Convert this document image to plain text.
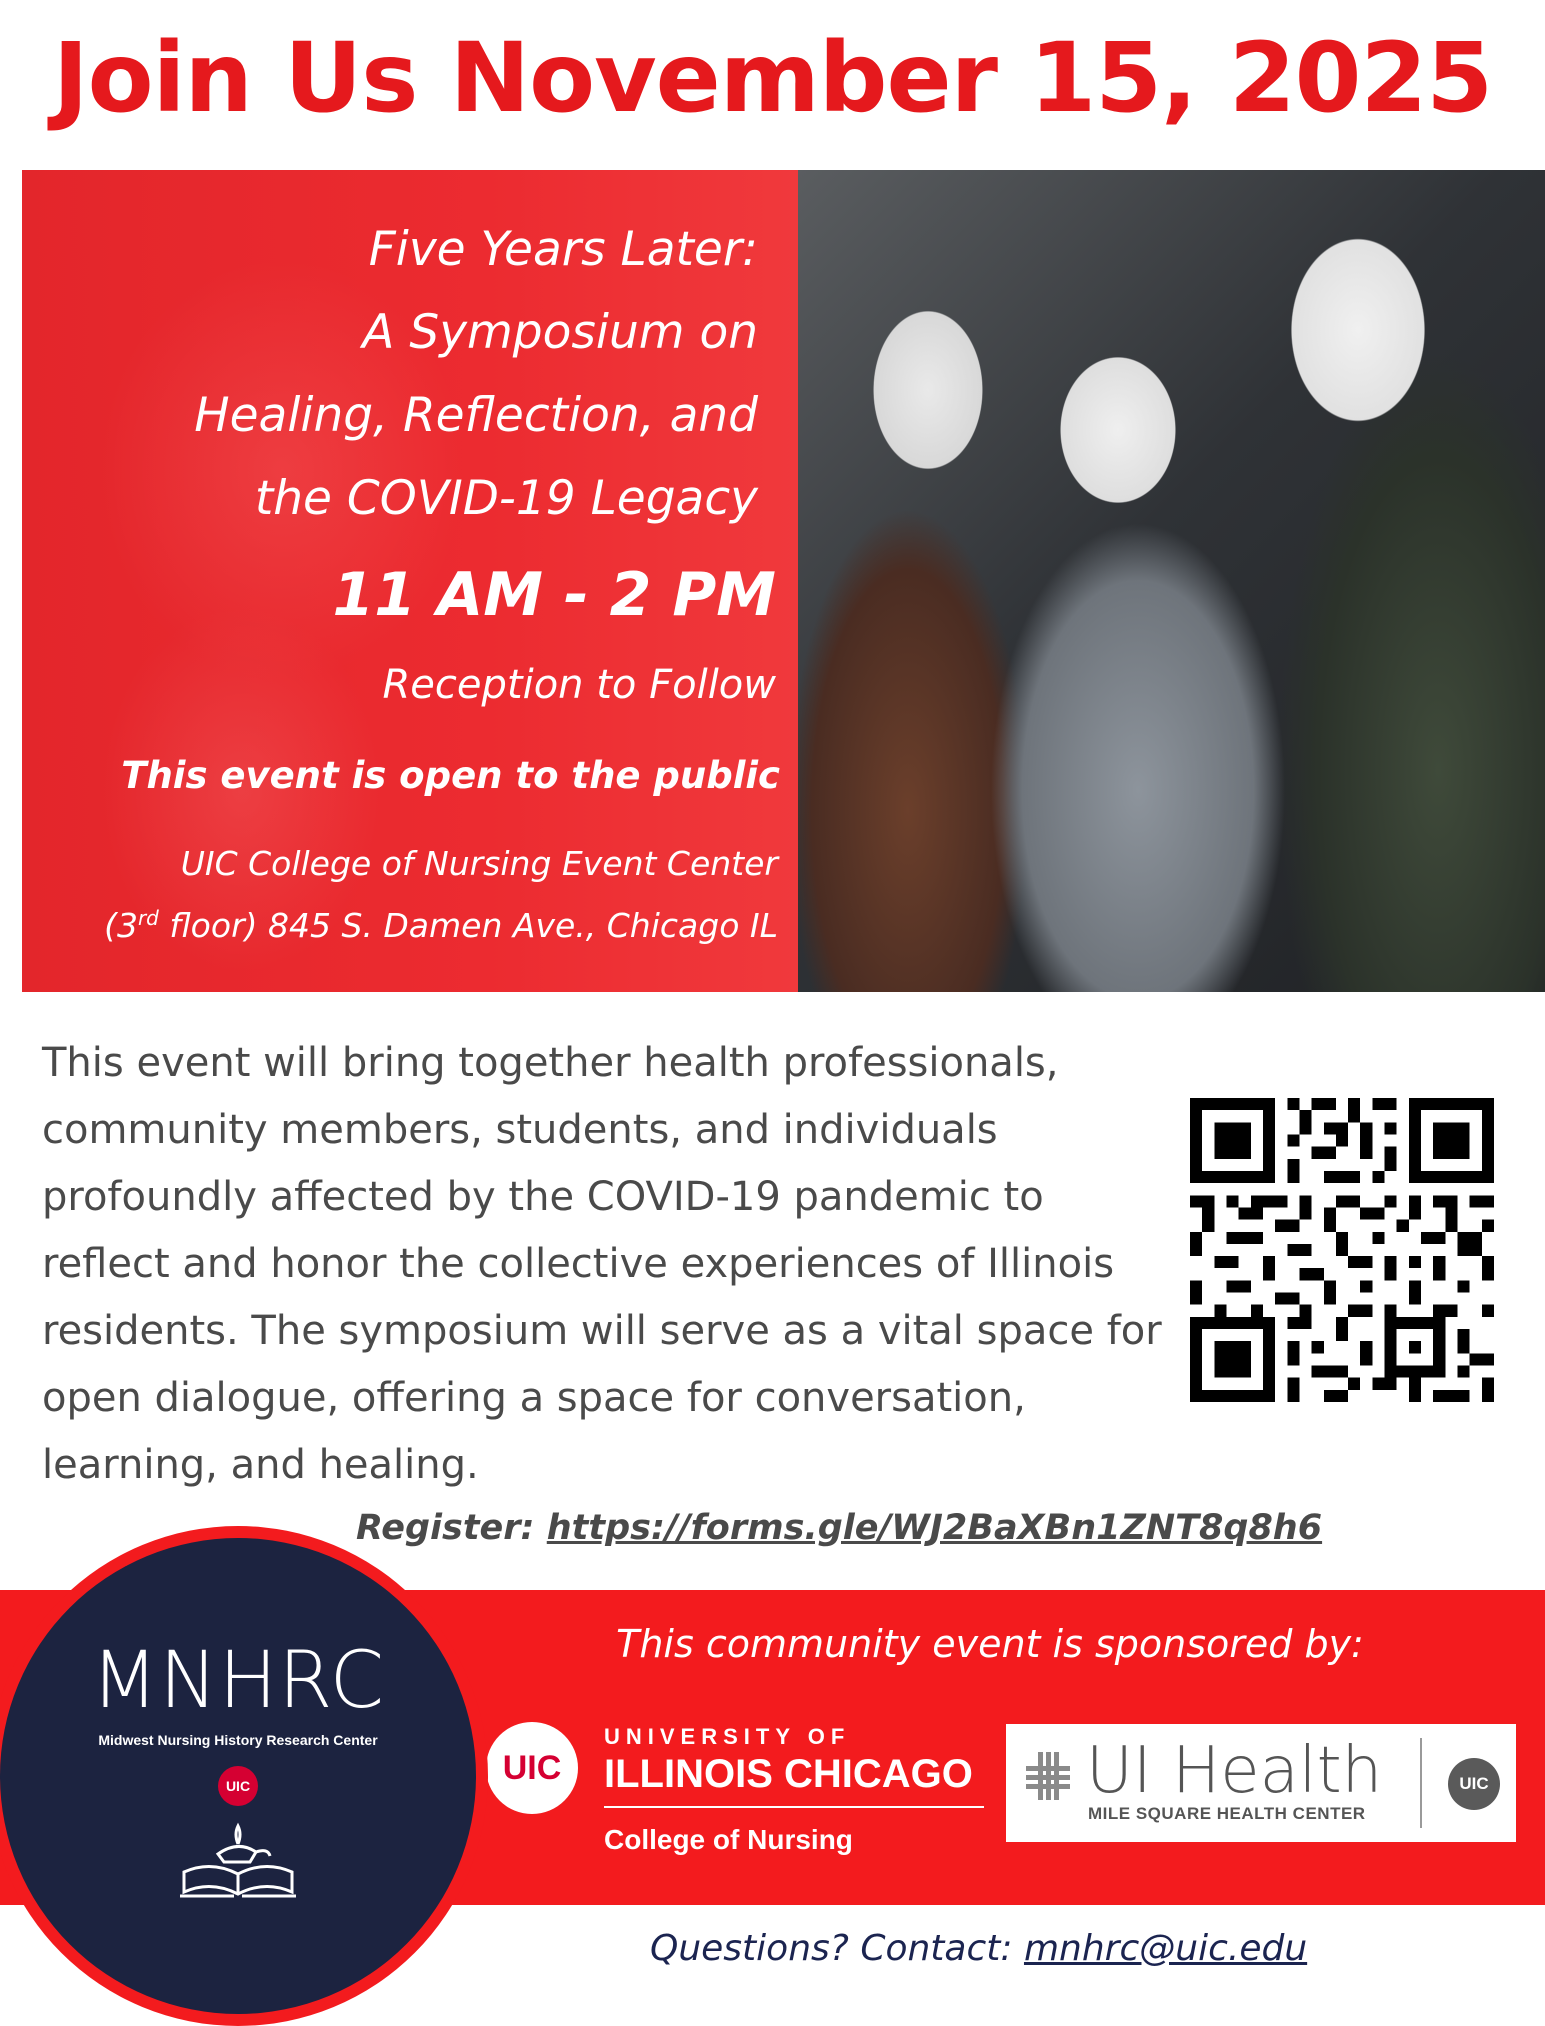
Join Us November 15, 2025
Five Years Later:
A Symposium on
Healing, Reflection, and
the COVID-19 Legacy
11 AM - 2 PM
Reception to Follow
This event is open to the public
UIC College of Nursing Event Center
(3rd floor) 845 S. Damen Ave., Chicago IL
This event will bring together health professionals, community members, students, and individuals profoundly affected by the COVID-19 pandemic to reflect and honor the collective experiences of Illinois residents. The symposium will serve as a vital space for open dialogue, offering a space for conversation, learning, and healing.
Register: https://forms.gle/WJ2BaXBn1ZNT8q8h6
This community event is sponsored by:
UIC
UNIVERSITY OF
ILLINOIS CHICAGO
College of Nursing
UI Health
MILE SQUARE HEALTH CENTER
UIC
Questions? Contact: mnhrc@uic.edu
MNHRC
Midwest Nursing History Research Center
UIC
